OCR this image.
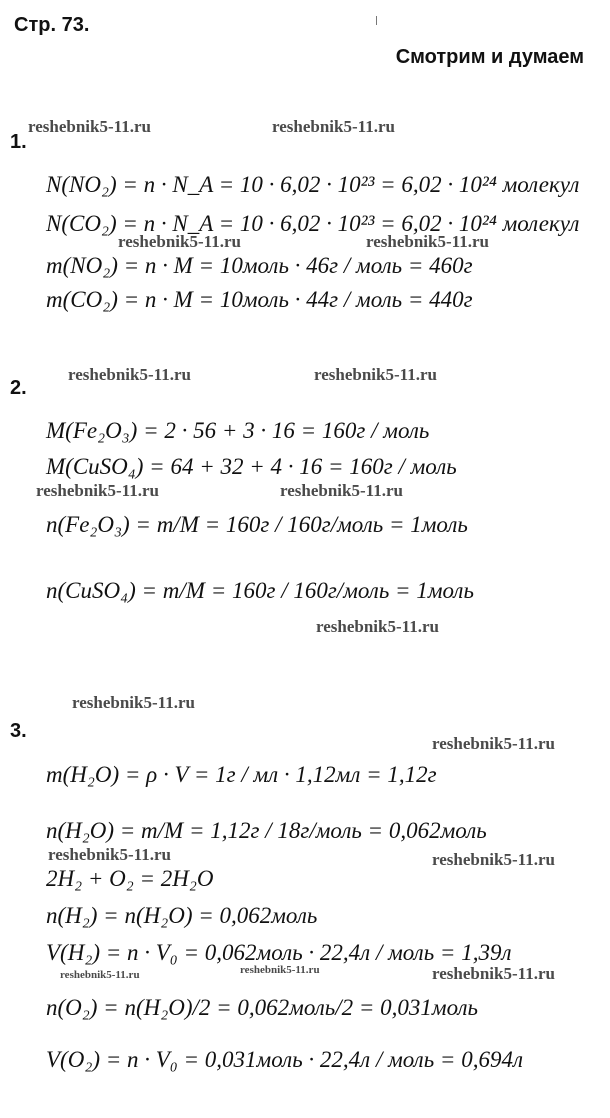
Стр. 73.
Смотрим и думаем
reshebnik5-11.ru	reshebnik5-11.ru
reshebnik5-11.ru	reshebnik5-11.ru
reshebnik5-11.ru	reshebnik5-11.ru
reshebnik5-11.ru	reshebnik5-11.ru
reshebnik5-11.ru
reshebnik5-11.ru
reshebnik5-11.ru
reshebnik5-11.ru	reshebnik5-11.ru
reshebnik5-11.ru
reshebnik5-11.ru	reshebnik5-11.ru
1.
N(NO₂) = n · N_A = 10 · 6,02 · 10²³ = 6,02 · 10²⁴ молекул
N(CO₂) = n · N_A = 10 · 6,02 · 10²³ = 6,02 · 10²⁴ молекул
m(NO₂) = n · M = 10моль · 46г / моль = 460г
m(CO₂) = n · M = 10моль · 44г / моль = 440г
2.
M(Fe₂O₃) = 2 · 56 + 3 · 16 = 160г / моль
M(CuSO₄) = 64 + 32 + 4 · 16 = 160г / моль
n(Fe₂O₃) = m/M = 160г / 160г/моль = 1моль
n(CuSO₄) = m/M = 160г / 160г/моль = 1моль
3.
m(H₂O) = ρ · V = 1г / мл · 1,12мл = 1,12г
n(H₂O) = m/M = 1,12г / 18г/моль = 0,062моль
2H₂ + O₂ = 2H₂O
n(H₂) = n(H₂O) = 0,062моль
V(H₂) = n · V₀ = 0,062моль · 22,4л / моль = 1,39л
n(O₂) = n(H₂O)/2 = 0,062моль/2 = 0,031моль
V(O₂) = n · V₀ = 0,031моль · 22,4л / моль = 0,694л
